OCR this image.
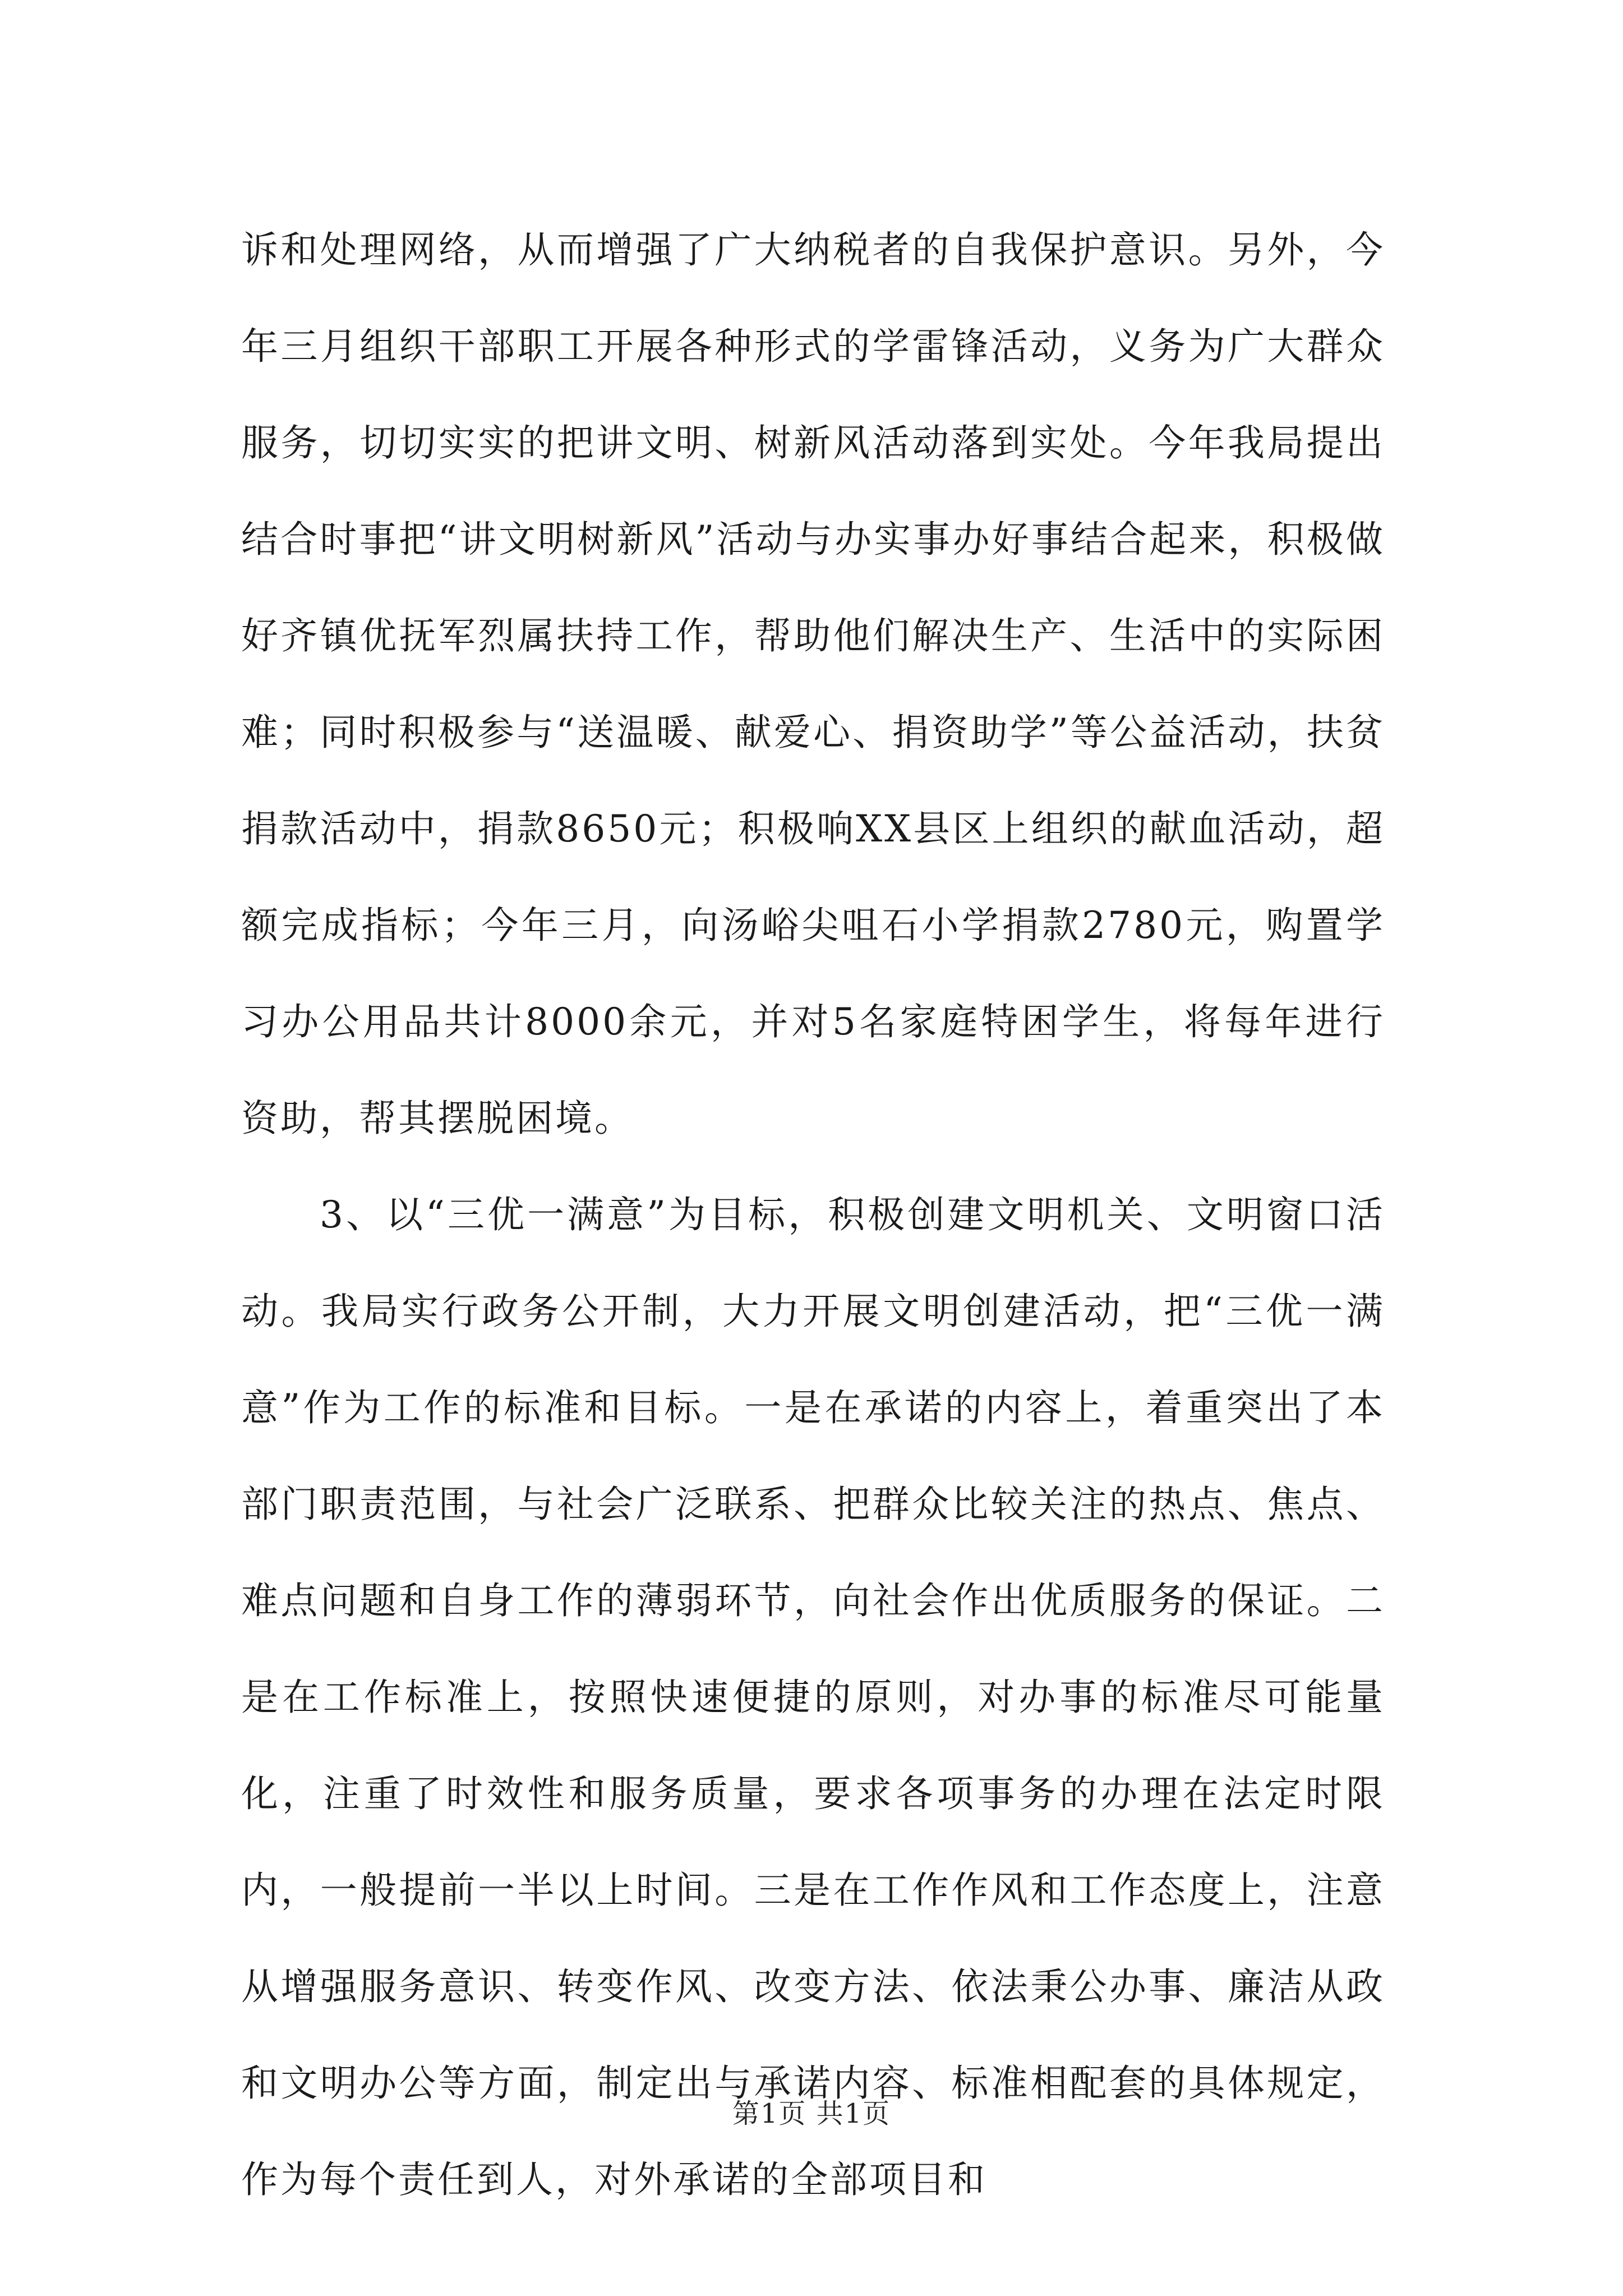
诉和处理网络，从而增强了广大纳税者的自我保护意识。另外，今年三月组织干部职工开展各种形式的学雷锋活动，义务为广大群众服务，切切实实的把讲文明、树新风活动落到实处。今年我局提出结合时事把“讲文明树新风”活动与办实事办好事结合起来，积极做好齐镇优抚军烈属扶持工作，帮助他们解决生产、生活中的实际困难；同时积极参与“送温暖、献爱心、捐资助学”等公益活动，扶贫捐款活动中，捐款8650元；积极响XX县区上组织的献血活动，超额完成指标；今年三月，向汤峪尖咀石小学捐款2780元，购置学习办公用品共计8000余元，并对5名家庭特困学生，将每年进行资助，帮其摆脱困境。

3、以“三优一满意”为目标，积极创建文明机关、文明窗口活动。我局实行政务公开制，大力开展文明创建活动，把“三优一满意”作为工作的标准和目标。一是在承诺的内容上，着重突出了本部门职责范围，与社会广泛联系、把群众比较关注的热点、焦点、难点问题和自身工作的薄弱环节，向社会作出优质服务的保证。二是在工作标准上，按照快速便捷的原则，对办事的标准尽可能量化，注重了时效性和服务质量，要求各项事务的办理在法定时限内，一般提前一半以上时间。三是在工作作风和工作态度上，注意从增强服务意识、转变作风、改变方法、依法秉公办事、廉洁从政和文明办公等方面，制定出与承诺内容、标准相配套的具体规定，作为每个责任到人，对外承诺的全部项目和

第1页 共1页
